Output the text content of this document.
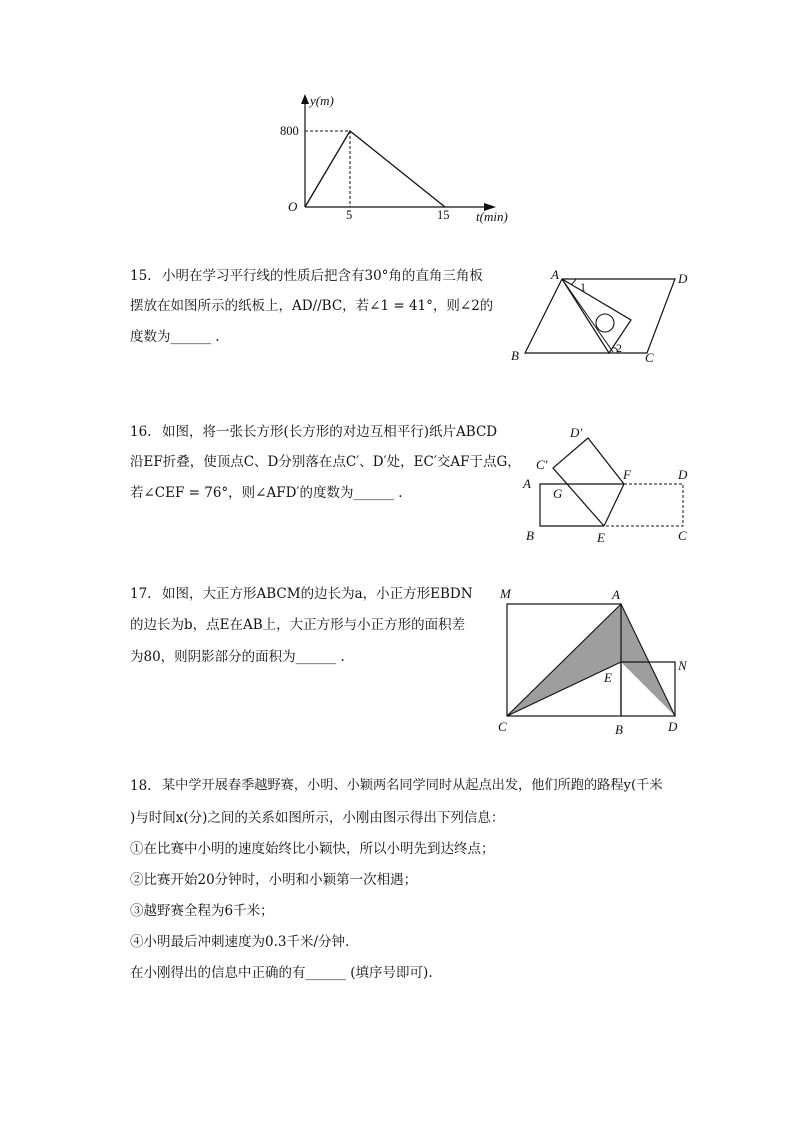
y(m)
t(min)
O
800
5	15
15. 小明在学习平行线的性质后把含有30°角的直角三角板
摆放在如图所示的纸板上，AD//BC，若∠1 = 41°，则∠2的
度数为______ .
A	D
B	C
1
2
16. 如图，将一张长方形(长方形的对边互相平行)纸片ABCD
沿EF折叠，使顶点C、D分别落在点C′、D′处，EC′交AF于点G，
若∠CEF = 76°，则∠AFD′的度数为______ .
D′
C′
F	D
A
G
B	E	C
17. 如图，大正方形ABCM的边长为a，小正方形EBDN
的边长为b，点E在AB上，大正方形与小正方形的面积差
为80，则阴影部分的面积为______ .
M	A
N
E
C	B	D
18. 某中学开展春季越野赛，小明、小颖两名同学同时从起点出发，他们所跑的路程y(千米
)与时间x(分)之间的关系如图所示，小刚由图示得出下列信息：
①在比赛中小明的速度始终比小颖快，所以小明先到达终点；
②比赛开始20分钟时，小明和小颖第一次相遇；
③越野赛全程为6千米；
④小明最后冲刺速度为0.3千米/分钟.
在小刚得出的信息中正确的有______ (填序号即可).
